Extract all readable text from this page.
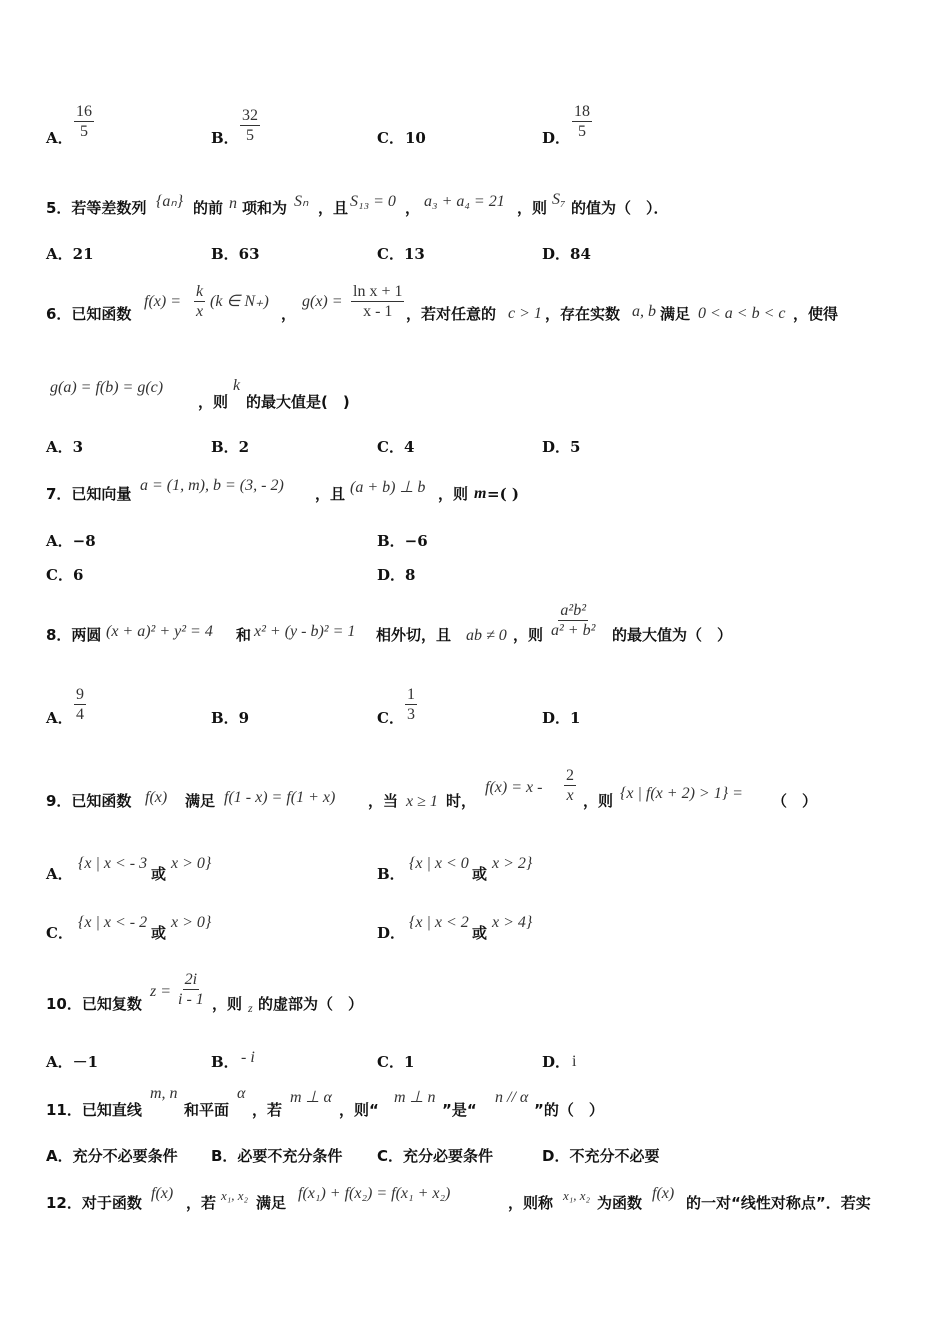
A． $\frac{16}{5}$	B． $\frac{32}{5}$	C． 10	D． $\frac{18}{5}$
5．若等差数列 {aₙ} 的前 n 项和为 Sₙ ，且 S₁₃ = 0 ， a₃ + a₄ = 21 ，则 S₇ 的值为（　）．
A．21	B．63	C．13	D．84
6．已知函数
$f(x) = \frac{k}{x} (k$ ∈ N₊)
，
$g(x) = \frac{\text{ln x + 1}}{x - 1}$ ，若对任意的 c > 1 ，存在实数 a, b 满足 0 < a < b < c ，使得
g(a) = f(b) = g(c)
，则
k
的最大值是(　)
A．3	B．2	C．4	D．5
7．已知向量 a = (1, m), b = (3, - 2) ，且 (a + b) ⊥ b ，则 m =( )
A．−8	B．−6
C．6	D．8
8．两圆 (x + a)² + y² = 4 和 x² + (y - b)² = 1 相外切，且 ab ≠ 0 ，则 $\frac{\text{a²b²}}{\text{a² + b²}}$ 的最大值为（　）
A． $\frac{9}{4}$	B．9	C． $\frac{1}{3}$	D．1
9．已知函数 f(x) 满足 f(1 - x) = f(1 + x) ，当 x ≥ 1 时，
$f(x) = x - \frac{2}{x}$ ，则 {x | f(x + 2) > 1} = （　）
A．
{x | x < - 3
或
x > 0}
B．
{x | x < 0
或
x > 2}
C．
{x | x < - 2
或
x > 0}
D．
{x | x < 2
或
x > 4}
10．已知复数
$z = \frac{2i}{i - 1}$ ，则 z 的虚部为（　）
A．－1	B． - i	C．1	D． i
11．已知直线
m, n
和平面
α
，若
m ⊥ α
，则“
m ⊥ n
”是“
n // α
”的（　）
A．充分不必要条件 B．必要不充分条件 C．充分必要条件	D．不充分不必要
12．对于函数
f(x)
，若 x₁, x₂ 满足
f(x₁) + f(x₂) = f(x₁ + x₂)
，则称 x₁, x₂ 为函数
f(x)
的一对“线性对称点”．若实
